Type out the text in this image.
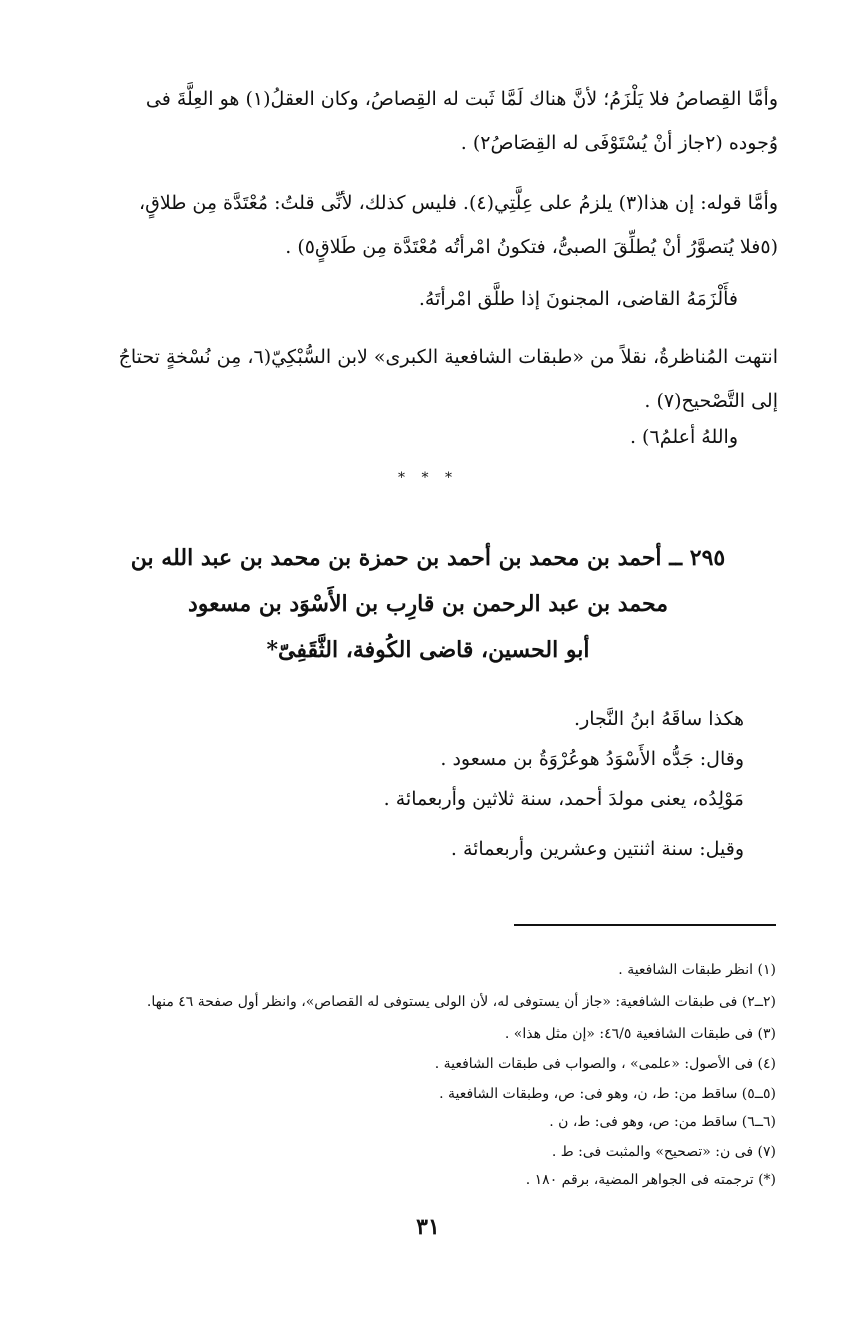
وأمَّا القِصاصُ فلا يَلْزَمُ؛ لأنَّ هناك لَمَّا ثَبت له القِصاصُ، وكان العقلُ(١) هو العِلَّةَ فى
وُجوده (٢جاز أنْ يُسْتَوْفَى له القِصَاصُ٢) .
وأمَّا قوله: إن هذا(٣) يلزمُ على عِلَّتِي(٤). فليس كذلك، لأنِّى قلتُ: مُعْتَدَّة مِن طلاقٍ،
(٥فلا يُتصوَّرُ أنْ يُطلِّقَ الصبىُّ، فتكونُ امْرأتُه مُعْتَدَّة مِن طَلاقٍ٥) .
فأَلْزَمَهُ القاضى، المجنونَ إذا طلَّق امْرأتَهُ.
انتهت المُناظرةُ، نقلاً من «طبقات الشافعية الكبرى» لابن السُّبْكِيّ(٦، مِن نُسْخةٍ تحتاجُ
إلى التَّصْحيح(٧) .
واللهُ أعلمُ٦) .
* * *
٢٩٥ ــ أحمد بن محمد بن أحمد بن حمزة بن محمد بن عبد الله بن
محمد بن عبد الرحمن بن قارِب بن الأَسْوَد بن مسعود
أبو الحسين، قاضى الكُوفة، الثَّقَفِىّ*
هكذا ساقَهُ ابنُ النَّجار.
وقال: جَدُّه الأَسْوَدُ هوعُرْوَةُ بن مسعود .
مَوْلِدُه، يعنى مولدَ أحمد، سنة ثلاثين وأربعمائة .
وقيل: سنة اثنتين وعشرين وأربعمائة .
(١) انظر طبقات الشافعية .
(٢ــ٢) فى طبقات الشافعية: «جاز أن يستوفى له، لأن الولى يستوفى له القصاص»، وانظر أول صفحة ٤٦ منها.
(٣) فى طبقات الشافعية ٤٦/٥: «إن مثل هذا» .
(٤) فى الأصول: «علمى» ، والصواب فى طبقات الشافعية .
(٥ــ٥) ساقط من: ط، ن، وهو فى: ص، وطبقات الشافعية .
(٦ــ٦) ساقط من: ص، وهو فى: ط، ن .
(٧) فى ن: «تصحيح» والمثبت فى: ط .
(*) ترجمته فى الجواهر المضية، برقم ١٨٠ .
٣١
